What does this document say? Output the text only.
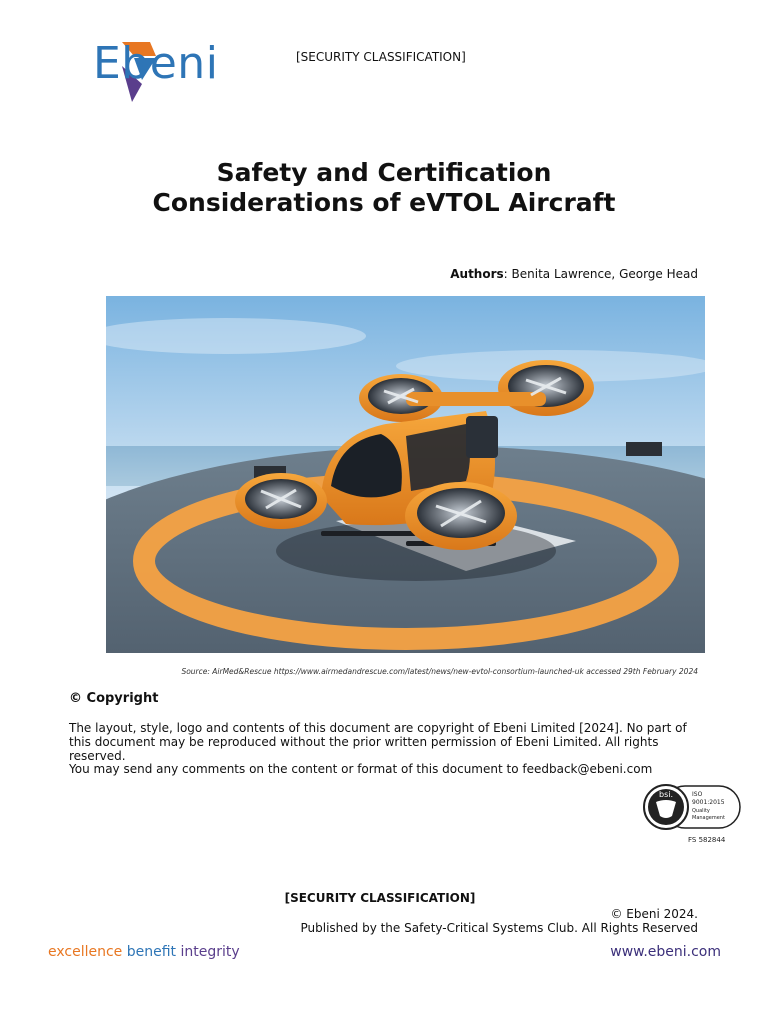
Ebeni	[SECURITY CLASSIFICATION]
Safety and Certification
Considerations of eVTOL Aircraft
Authors: Benita Lawrence, George Head
Source: AirMed&Rescue https://www.airmedandrescue.com/latest/news/new-evtol-consortium-launched-uk accessed 29th February 2024
© Copyright
The layout, style, logo and contents of this document are copyright of Ebeni Limited [2024]. No part of this document may be reproduced without the prior written permission of Ebeni Limited. All rights reserved.
You may send any comments on the content or format of this document to feedback@ebeni.com
bsi.	ISO
9001:2015
Quality
Management
FS 582844
[SECURITY CLASSIFICATION]
© Ebeni 2024.
Published by the Safety-Critical Systems Club. All Rights Reserved
excellence benefit integrity	www.ebeni.com
